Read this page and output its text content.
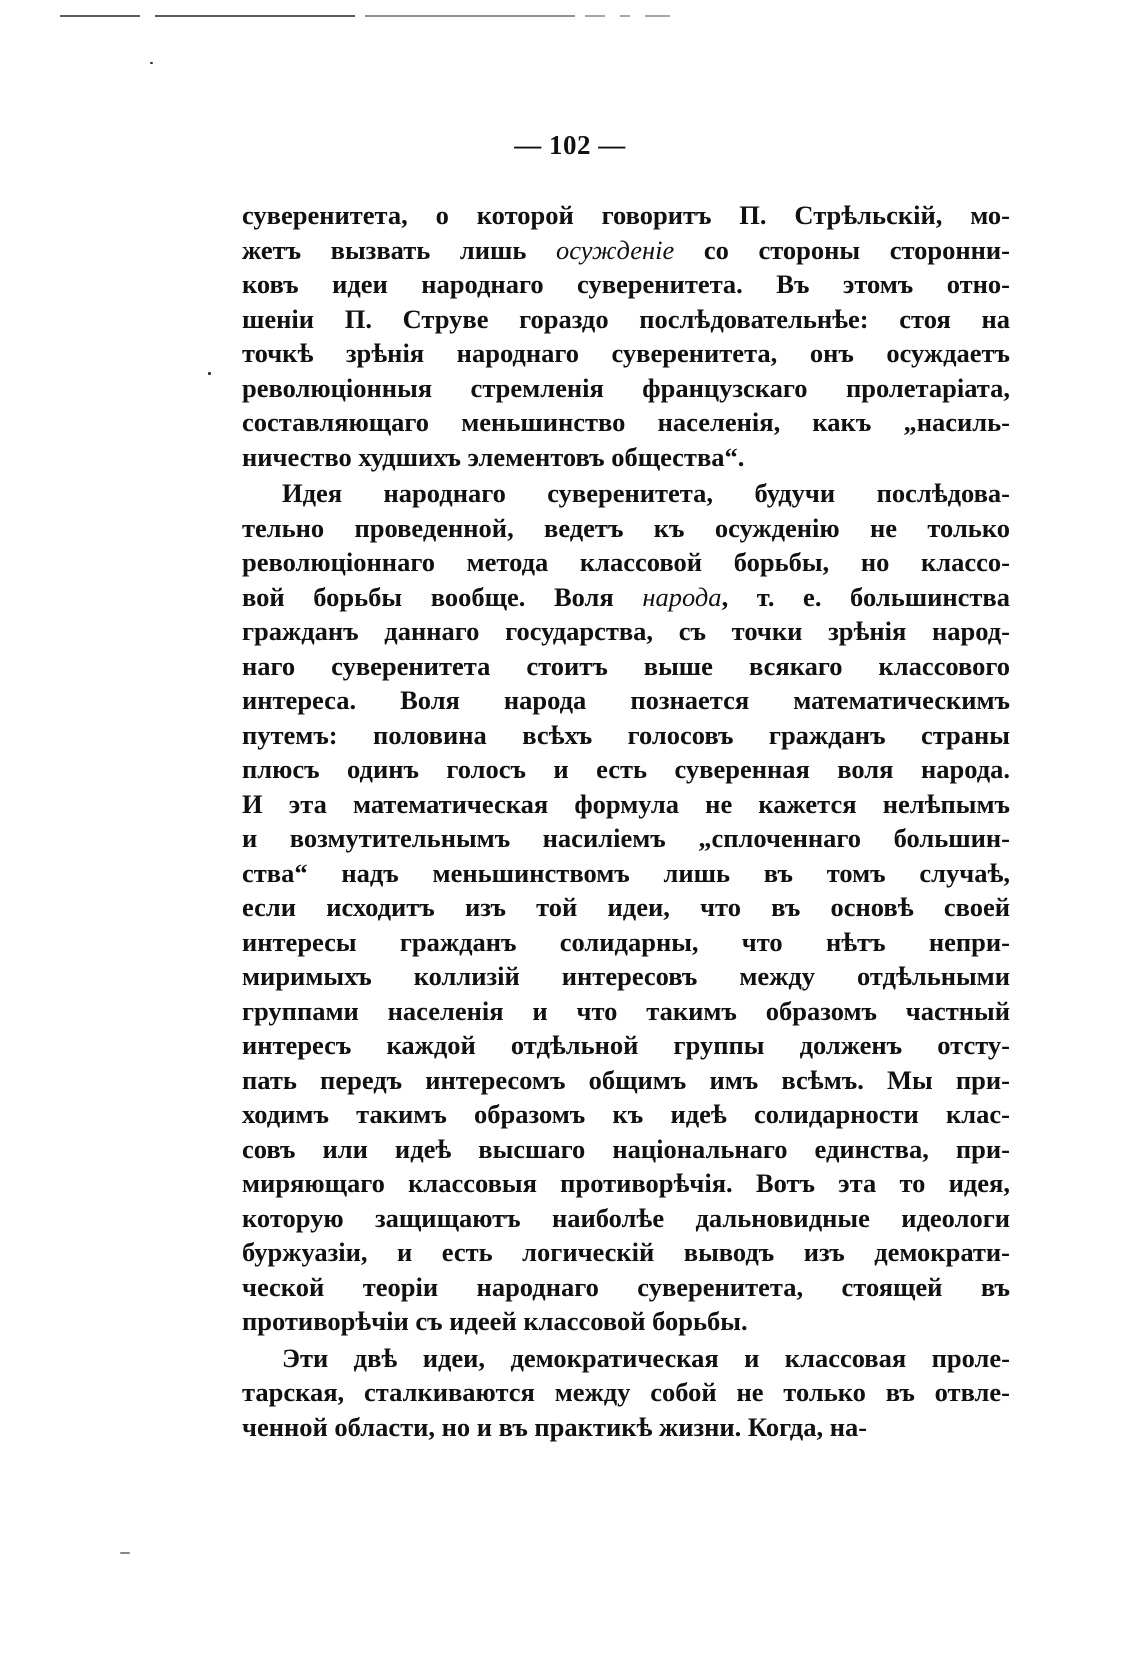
— 102 —
суверенитета, о которой говоритъ П. Стрѣльскій, мо-
жетъ вызвать лишь осужденіе со стороны сторонни-
ковъ идеи народнаго суверенитета. Въ этомъ отно-
шеніи П. Струве гораздо послѣдовательнѣе: стоя на
точкѣ зрѣнія народнаго суверенитета, онъ осуждаетъ
революціонныя стремленія французскаго пролетаріата,
составляющаго меньшинство населенія, какъ „насиль-
ничество худшихъ элементовъ общества“.
Идея народнаго суверенитета, будучи послѣдова-
тельно проведенной, ведетъ къ осужденію не только
революціоннаго метода классовой борьбы, но классо-
вой борьбы вообще. Воля народа, т. е. большинства
гражданъ даннаго государства, съ точки зрѣнія народ-
наго суверенитета стоитъ выше всякаго классового
интереса. Воля народа познается математическимъ
путемъ: половина всѣхъ голосовъ гражданъ страны
плюсъ одинъ голосъ и есть суверенная воля народа.
И эта математическая формула не кажется нелѣпымъ
и возмутительнымъ насиліемъ „сплоченнаго большин-
ства“ надъ меньшинствомъ лишь въ томъ случаѣ,
если исходитъ изъ той идеи, что въ основѣ своей
интересы гражданъ солидарны, что нѣтъ непри-
миримыхъ коллизій интересовъ между отдѣльными
группами населенія и что такимъ образомъ частный
интересъ каждой отдѣльной группы долженъ отсту-
пать передъ интересомъ общимъ имъ всѣмъ. Мы при-
ходимъ такимъ образомъ къ идеѣ солидарности клас-
совъ или идеѣ высшаго національнаго единства, при-
миряющаго классовыя противорѣчія. Вотъ эта то идея,
которую защищаютъ наиболѣе дальновидные идеологи
буржуазіи, и есть логическій выводъ изъ демократи-
ческой теоріи народнаго суверенитета, стоящей въ
противорѣчіи съ идеей классовой борьбы.
Эти двѣ идеи, демократическая и классовая проле-
тарская, сталкиваются между собой не только въ отвле-
ченной области, но и въ практикѣ жизни. Когда, на-
